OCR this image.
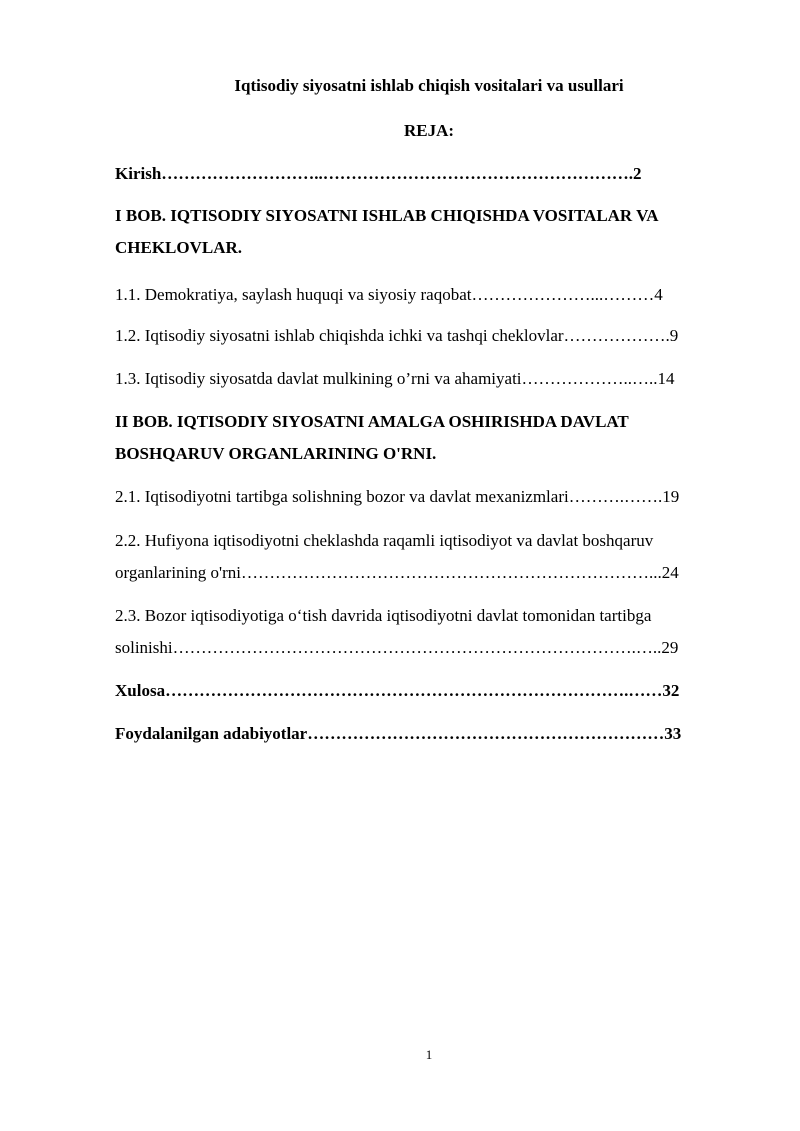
Iqtisodiy siyosatni ishlab chiqish vositalari va usullari
REJA:
Kirish………………………..……………………………………………….2
I BOB. IQTISODIY SIYOSATNI ISHLAB CHIQISHDA VOSITALAR VA
CHEKLOVLAR.
1.1. Demokratiya, saylash huquqi va siyosiy raqobat…………………...………4
1.2. Iqtisodiy siyosatni ishlab chiqishda ichki va tashqi cheklovlar……………….9
1.3. Iqtisodiy siyosatda davlat mulkining o’rni va ahamiyati………………..…..14
II BOB. IQTISODIY SIYOSATNI AMALGA OSHIRISHDA DAVLAT
BOSHQARUV ORGANLARINING O'RNI.
2.1. Iqtisodiyotni tartibga solishning bozor va davlat mexanizmlari……….…….19
2.2. Hufiyona iqtisodiyotni cheklashda raqamli iqtisodiyot va davlat boshqaruv
organlarining o'rni………………………………………………………………...24
2.3. Bozor iqtisodiyotiga o‘tish davrida iqtisodiyotni davlat tomonidan tartibga
solinishi……………………………………………………………………….…..29
Xulosa……………………………………………………………………….……32
Foydalanilgan adabiyotlar………………………………………………………33
1
